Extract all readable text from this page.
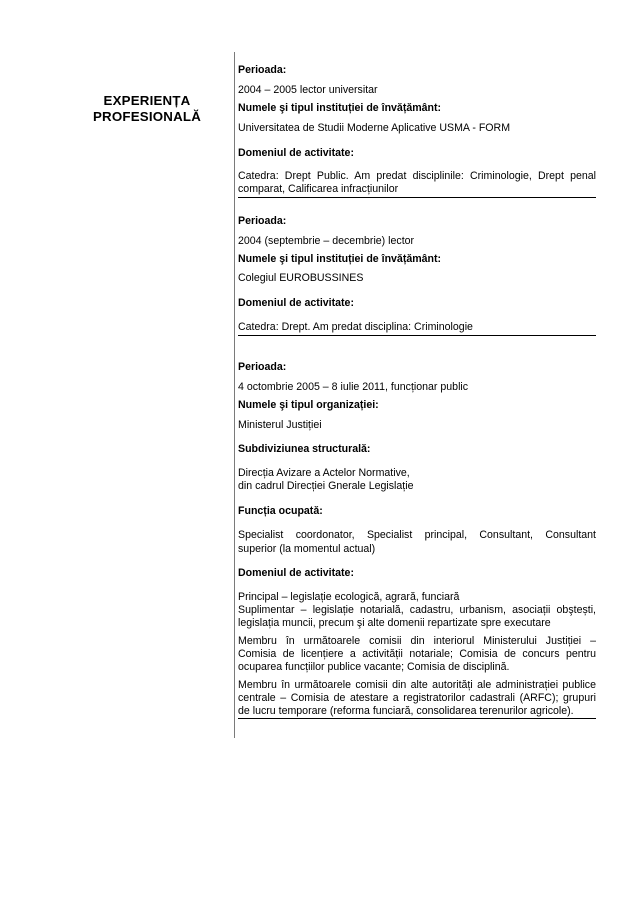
EXPERIENȚA
PROFESIONALĂ
Perioada:
2004 – 2005 lector universitar
Numele şi tipul instituției de învățământ:
Universitatea de Studii Moderne Aplicative USMA - FORM
Domeniul de activitate:
Catedra: Drept Public. Am predat disciplinile: Criminologie, Drept penal
comparat, Calificarea infracțiunilor
Perioada:
2004 (septembrie – decembrie) lector
Numele şi tipul instituției de învățământ:
Colegiul EUROBUSSINES
Domeniul de activitate:
Catedra: Drept. Am predat disciplina: Criminologie
Perioada:
4 octombrie 2005 – 8 iulie 2011, funcționar public
Numele şi tipul organizației:
Ministerul Justiției
Subdiviziunea structurală:
Direcția Avizare a Actelor Normative,
din cadrul Direcției Gnerale Legislație
Funcția ocupată:
Specialist coordonator, Specialist principal, Consultant, Consultant
superior (la momentul actual)
Domeniul de activitate:
Principal – legislație ecologică, agrară, funciară
Suplimentar – legislație notarială, cadastru, urbanism, asociații obştești,
legislația muncii, precum şi alte domenii repartizate spre executare
Membru în următoarele comisii din interiorul Ministerului Justiției –
Comisia de licențiere a activității notariale; Comisia de concurs pentru
ocuparea funcțiilor publice vacante; Comisia de disciplină.
Membru în următoarele comisii din alte autorități ale administrației publice
centrale – Comisia de atestare a registratorilor cadastrali (ARFC); grupuri
de lucru temporare (reforma funciară, consolidarea terenurilor agricole).
